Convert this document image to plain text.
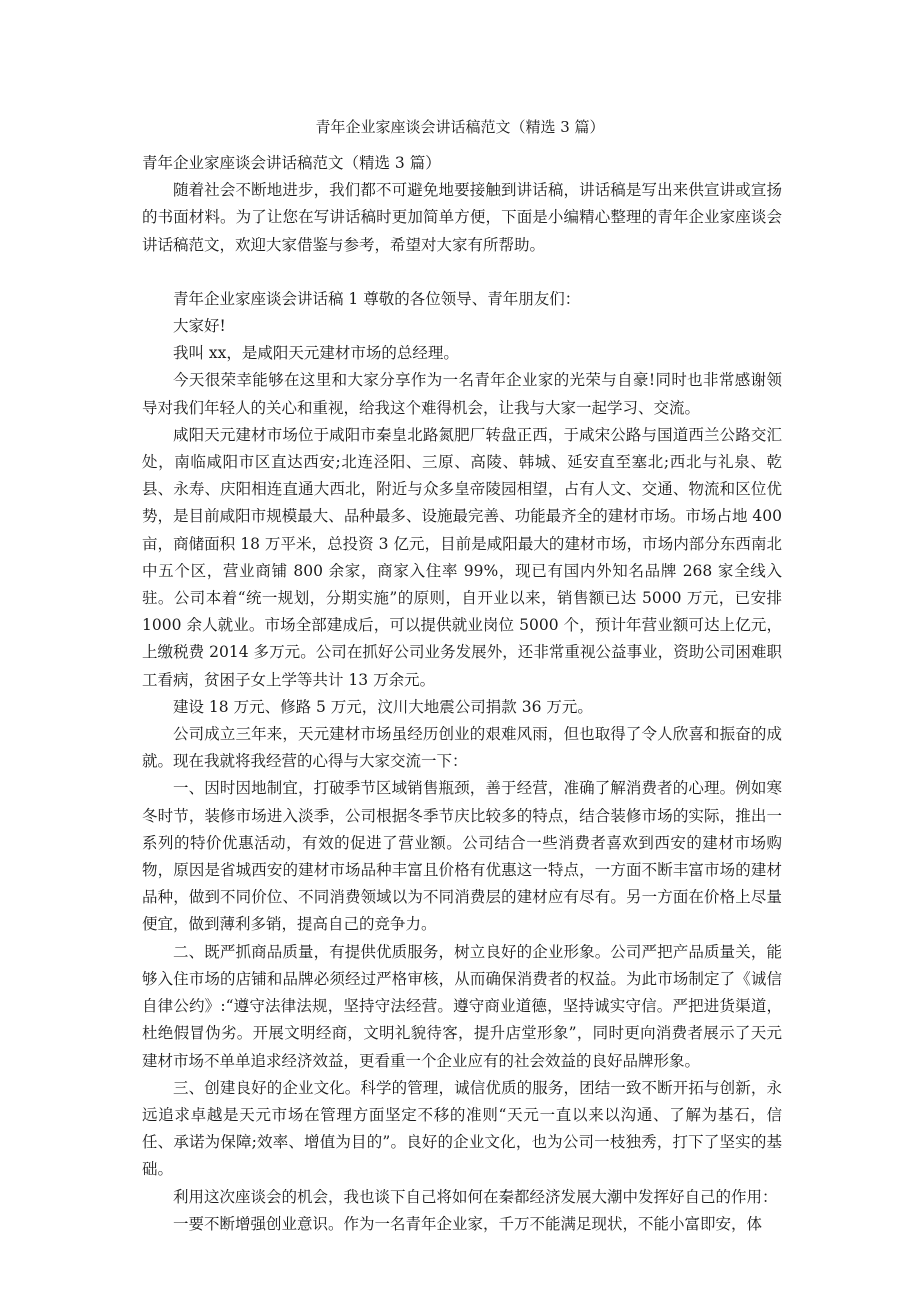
青年企业家座谈会讲话稿范文（精选 3 篇）

青年企业家座谈会讲话稿范文（精选 3 篇）

随着社会不断地进步，我们都不可避免地要接触到讲话稿，讲话稿是写出来供宣讲或宣扬的书面材料。为了让您在写讲话稿时更加简单方便，下面是小编精心整理的青年企业家座谈会讲话稿范文，欢迎大家借鉴与参考，希望对大家有所帮助。

青年企业家座谈会讲话稿 1 尊敬的各位领导、青年朋友们：

大家好!

我叫 xx，是咸阳天元建材市场的总经理。

今天很荣幸能够在这里和大家分享作为一名青年企业家的光荣与自豪!同时也非常感谢领导对我们年轻人的关心和重视，给我这个难得机会，让我与大家一起学习、交流。

咸阳天元建材市场位于咸阳市秦皇北路氮肥厂转盘正西，于咸宋公路与国道西兰公路交汇处，南临咸阳市区直达西安;北连泾阳、三原、高陵、韩城、延安直至塞北;西北与礼泉、乾县、永寿、庆阳相连直通大西北，附近与众多皇帝陵园相望，占有人文、交通、物流和区位优势，是目前咸阳市规模最大、品种最多、设施最完善、功能最齐全的建材市场。市场占地 400 亩，商储面积 18 万平米，总投资 3 亿元，目前是咸阳最大的建材市场，市场内部分东西南北中五个区，营业商铺 800 余家，商家入住率 99%，现已有国内外知名品牌 268 家全线入驻。公司本着“统一规划，分期实施”的原则，自开业以来，销售额已达 5000 万元，已安排 1000 余人就业。市场全部建成后，可以提供就业岗位 5000 个，预计年营业额可达上亿元，上缴税费 2014 多万元。公司在抓好公司业务发展外，还非常重视公益事业，资助公司困难职工看病，贫困子女上学等共计 13 万余元。

建设 18 万元、修路 5 万元，汶川大地震公司捐款 36 万元。

公司成立三年来，天元建材市场虽经历创业的艰难风雨，但也取得了令人欣喜和振奋的成就。现在我就将我经营的心得与大家交流一下：

一、因时因地制宜，打破季节区域销售瓶颈，善于经营，准确了解消费者的心理。例如寒冬时节，装修市场进入淡季，公司根据冬季节庆比较多的特点，结合装修市场的实际，推出一系列的特价优惠活动，有效的促进了营业额。公司结合一些消费者喜欢到西安的建材市场购物，原因是省城西安的建材市场品种丰富且价格有优惠这一特点，一方面不断丰富市场的建材品种，做到不同价位、不同消费领域以为不同消费层的建材应有尽有。另一方面在价格上尽量便宜，做到薄利多销，提高自己的竞争力。

二、既严抓商品质量，有提供优质服务，树立良好的企业形象。公司严把产品质量关，能够入住市场的店铺和品牌必须经过严格审核，从而确保消费者的权益。为此市场制定了《诚信自律公约》:“遵守法律法规，坚持守法经营。遵守商业道德，坚持诚实守信。严把进货渠道，杜绝假冒伪劣。开展文明经商，文明礼貌待客，提升店堂形象”，同时更向消费者展示了天元建材市场不单单追求经济效益，更看重一个企业应有的社会效益的良好品牌形象。

三、创建良好的企业文化。科学的管理，诚信优质的服务，团结一致不断开拓与创新，永远追求卓越是天元市场在管理方面坚定不移的准则“天元一直以来以沟通、了解为基石，信任、承诺为保障;效率、增值为目的”。良好的企业文化，也为公司一枝独秀，打下了坚实的基础。

利用这次座谈会的机会，我也谈下自己将如何在秦都经济发展大潮中发挥好自己的作用：

一要不断增强创业意识。作为一名青年企业家，千万不能满足现状，不能小富即安，体
